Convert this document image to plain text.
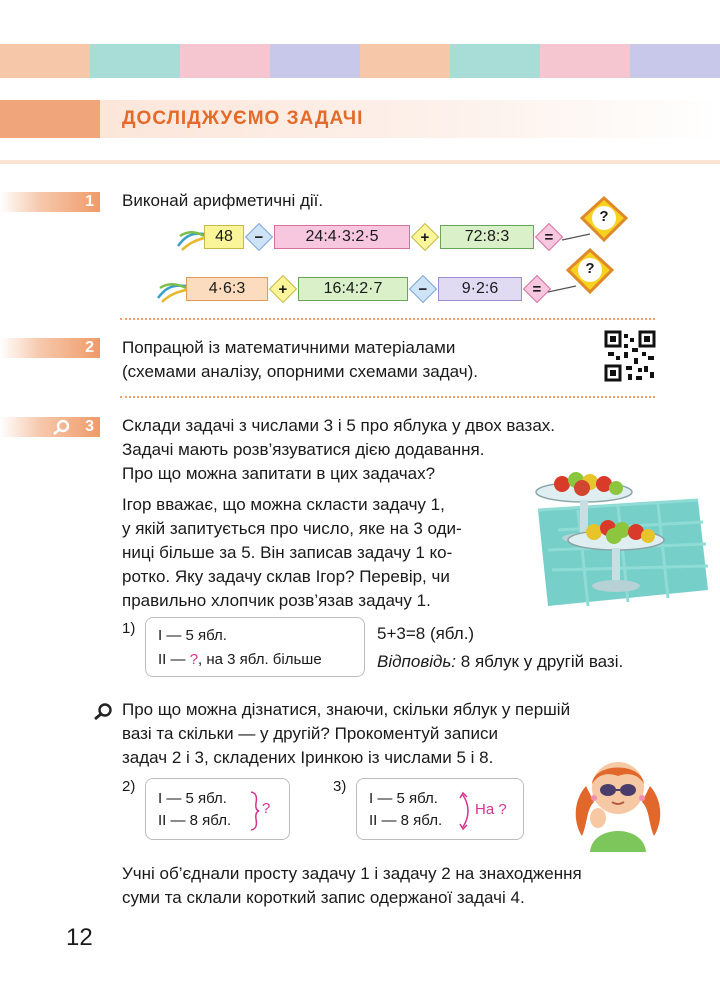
ДОСЛІДЖУЄМО ЗАДАЧІ
1	Виконай арифметичні дії.
48	−	24:4·3:2·5	+	72:8:3	=
?
4·6:3	+	16:4:2·7	−	9·2:6	=
?
2	Попрацюй із математичними матеріалами
(схемами аналізу, опорними схемами задач).
3	Склади задачі з числами 3 і 5 про яблука у двох вазах.
Задачі мають розв’язуватися дією додавання.
Про що можна запитати в цих задачах?
Ігор вважає, що можна скласти задачу 1,
у якій запитується про число, яке на 3 оди-
ниці більше за 5. Він записав задачу 1 ко-
ротко. Яку задачу склав Ігор? Перевір, чи
правильно хлопчик розв’язав задачу 1.
1) І — 5 ябл.
ІІ — ?, на 3 ябл. більше
5+3=8 (ябл.)
Відповідь: 8 яблук у другій вазі.
Про що можна дізнатися, знаючи, скільки яблук у першій
вазі та скільки — у другій? Прокоментуй записи
задач 2 і 3, складених Іринкою із числами 5 і 8.
2)
І — 5 ябл.
ІІ — 8 ябл.
?
3)
І — 5 ябл.
ІІ — 8 ябл.
На ?
Учні об’єднали просту задачу 1 і задачу 2 на знаходження
суми та склали короткий запис одержаної задачі 4.
12
